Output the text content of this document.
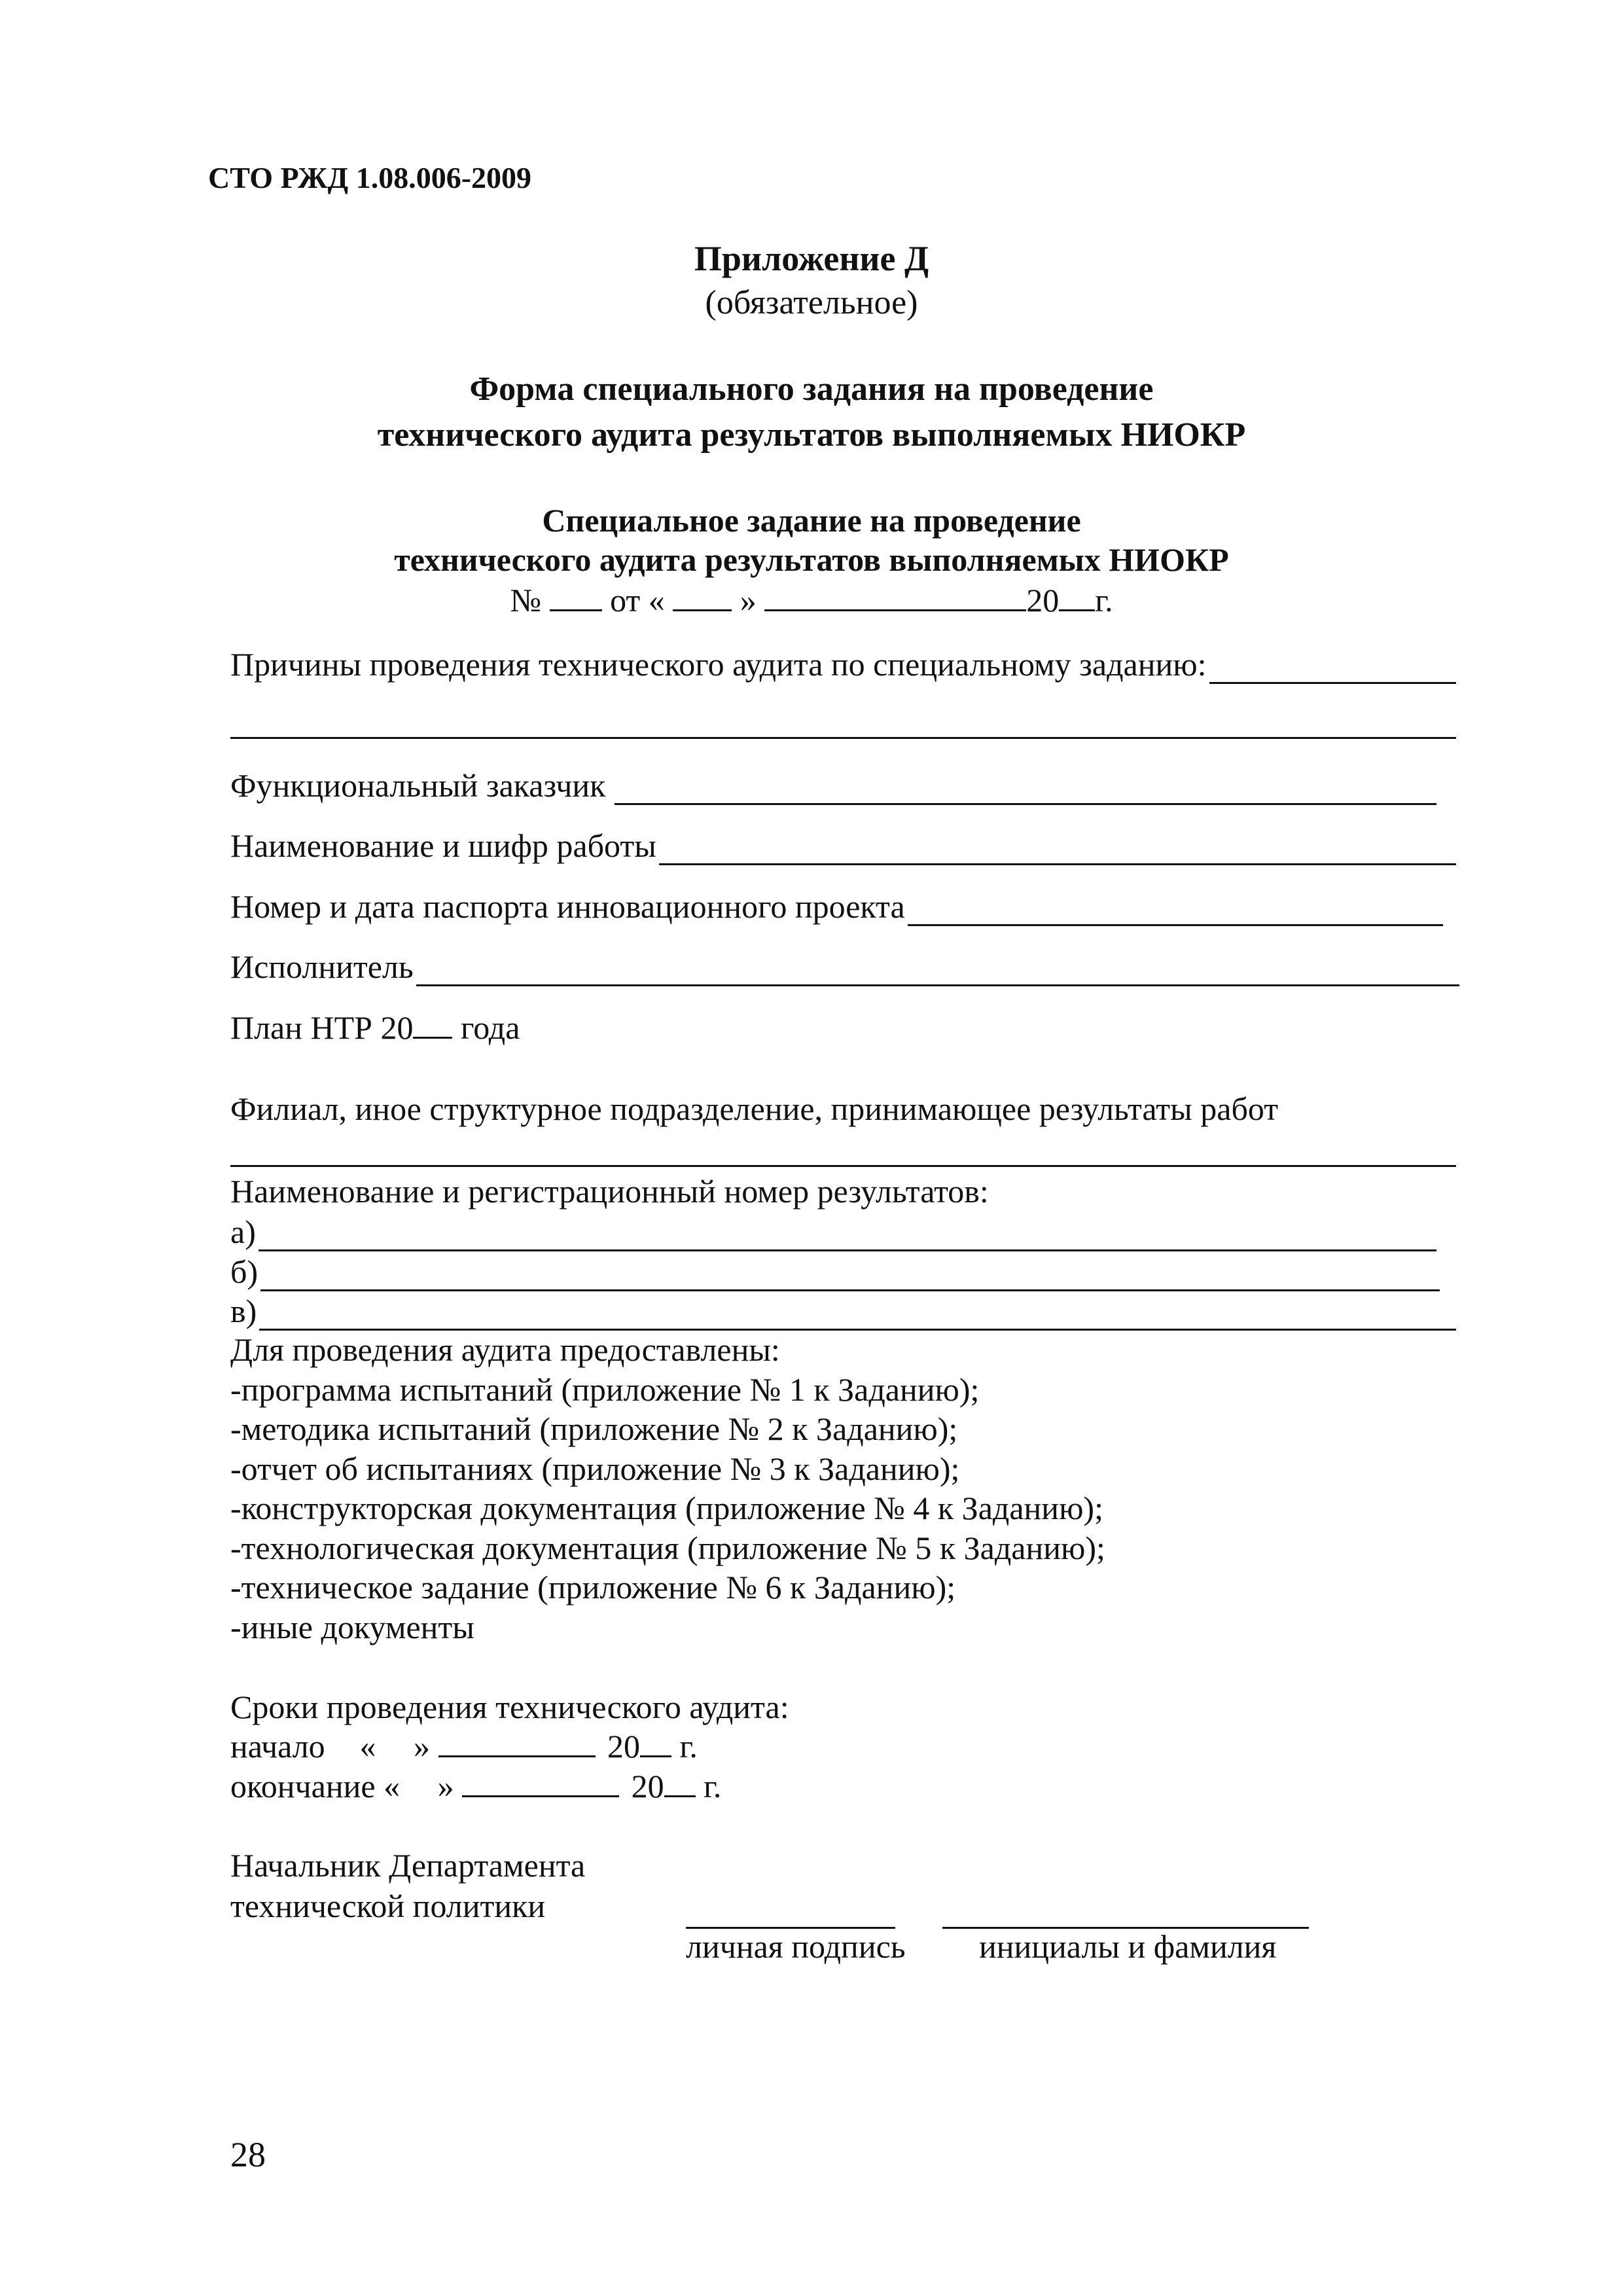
СТО РЖД 1.08.006-2009
Приложение Д
(обязательное)
Форма специального задания на проведение
технического аудита результатов выполняемых НИОКР
Специальное задание на проведение
технического аудита результатов выполняемых НИОКР
№ от « »	20 г.
Причины проведения технического аудита по специальному заданию:
Функциональный заказчик
Наименование и шифр работы
Номер и дата паспорта инновационного проекта
Исполнитель
План НТР 20 года
Филиал, иное структурное подразделение, принимающее результаты работ
Наименование и регистрационный номер результатов:
а)
б)
в)
Для проведения аудита предоставлены:
-программа испытаний (приложение № 1 к Заданию);
-методика испытаний (приложение № 2 к Заданию);
-отчет об испытаниях (приложение № 3 к Заданию);
-конструкторская документация (приложение № 4 к Заданию);
-технологическая документация (приложение № 5 к Заданию);
-техническое задание (приложение № 6 к Заданию);
-иные документы
Сроки проведения технического аудита:
начало « »	20 г.
окончание « »	20 г.
Начальник Департамента
технической политики
личная подпись инициалы и фамилия
28
